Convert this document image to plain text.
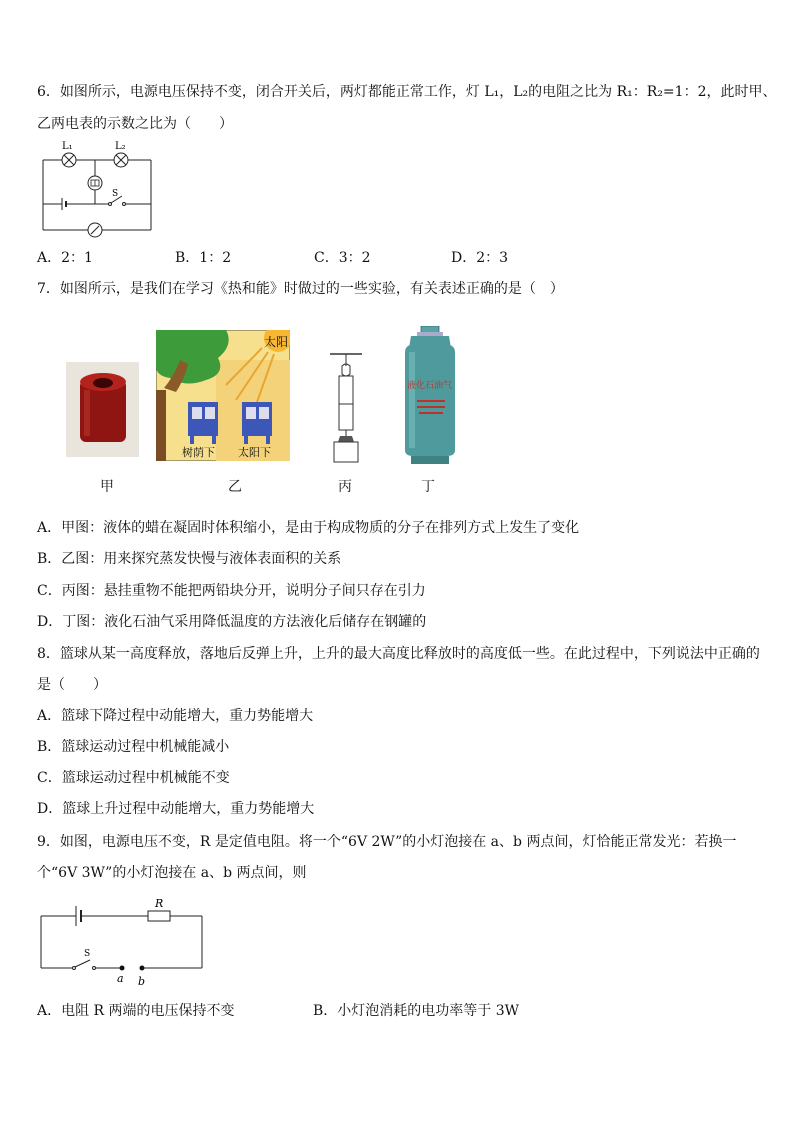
6．如图所示，电源电压保持不变，闭合开关后，两灯都能正常工作，灯 L₁，L₂的电阻之比为 R₁：R₂=1：2，此时甲、
乙两电表的示数之比为（　　）
L₁	L₂
S
A．2：1	B．1：2	C．3：2	D．2：3
7．如图所示，是我们在学习《热和能》时做过的一些实验，有关表述正确的是（　）
太阳
树荫下 太阳下
液化石油气
甲	乙	丙	丁
A．甲图：液体的蜡在凝固时体积缩小，是由于构成物质的分子在排列方式上发生了变化
B．乙图：用来探究蒸发快慢与液体表面积的关系
C．丙图：悬挂重物不能把两铅块分开，说明分子间只存在引力
D．丁图：液化石油气采用降低温度的方法液化后储存在钢罐的
8．篮球从某一高度释放，落地后反弹上升，上升的最大高度比释放时的高度低一些。在此过程中，下列说法中正确的
是（　　）
A．篮球下降过程中动能增大，重力势能增大
B．篮球运动过程中机械能减小
C．篮球运动过程中机械能不变
D．篮球上升过程中动能增大，重力势能增大
9．如图，电源电压不变，R 是定值电阻。将一个“6V 2W”的小灯泡接在 a、b 两点间，灯恰能正常发光：若换一
个“6V 3W”的小灯泡接在 a、b 两点间，则
R
S
a b
A．电阻 R 两端的电压保持不变	B．小灯泡消耗的电功率等于 3W
